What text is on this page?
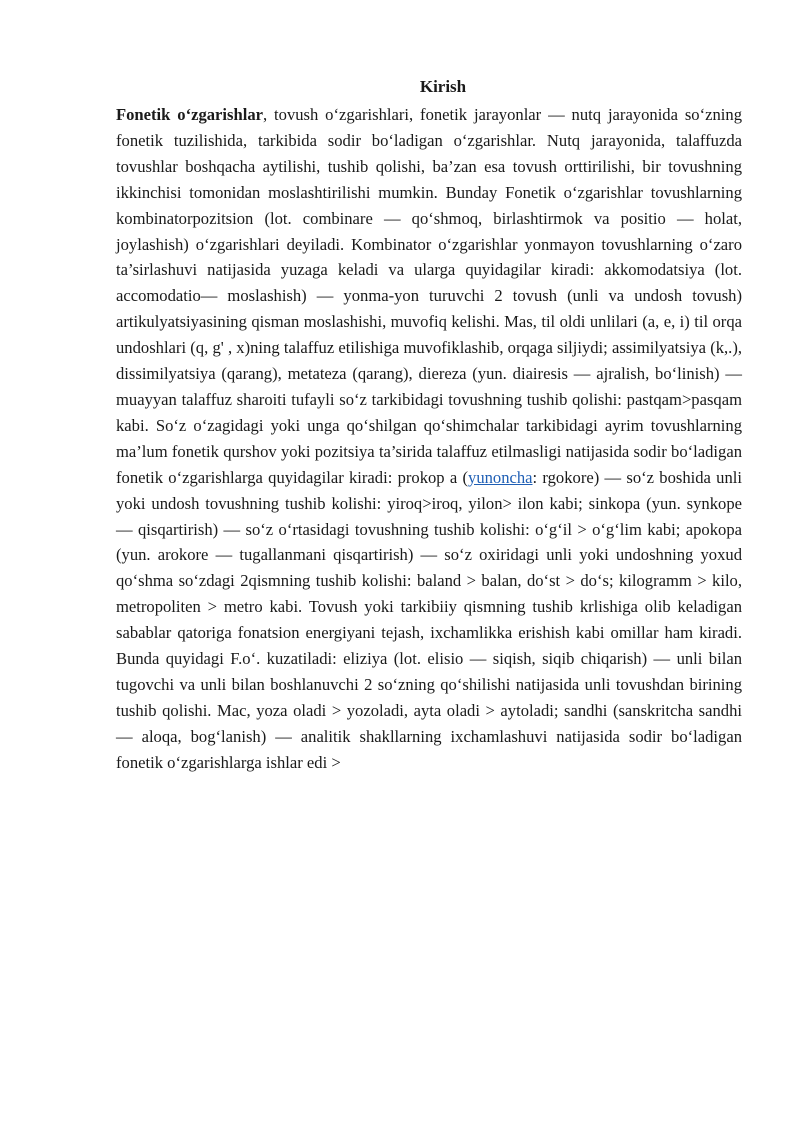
Kirish

Fonetik o‘zgarishlar, tovush o‘zgarishlari, fonetik jarayonlar — nutq jarayonida so‘zning fonetik tuzilishida, tarkibida sodir bo‘ladigan o‘zgarishlar. Nutq jarayonida, talaffuzda tovushlar boshqacha aytilishi, tushib qolishi, ba’zan esa tovush orttirilishi, bir tovushning ikkinchisi tomonidan moslashtirilishi mumkin. Bunday Fonetik o‘zgarishlar tovushlarning kombinatorpozitsion (lot. combinare — qo‘shmoq, birlashtirmok va positio — holat, joylashish) o‘zgarishlari deyiladi. Kombinator o‘zgarishlar yonmayon tovushlarning o‘zaro ta’sirlashuvi natijasida yuzaga keladi va ularga quyidagilar kiradi: akkomodatsiya (lot. accomodatio— moslashish) — yonma-yon turuvchi 2 tovush (unli va undosh tovush) artikulyatsiyasining qisman moslashishi, muvofiq kelishi. Mas, til oldi unlilari (a, e, i) til orqa undoshlari (q, g' , x)ning talaffuz etilishiga muvofiklashib, orqaga siljiydi; assimilyatsiya (k,.), dissimilyatsiya (qarang), metateza (qarang), diereza (yun. diairesis — ajralish, bo‘linish) — muayyan talaffuz sharoiti tufayli so‘z tarkibidagi tovushning tushib qolishi: pastqam>pasqam kabi. So‘z o‘zagidagi yoki unga qo‘shilgan qo‘shimchalar tarkibidagi ayrim tovushlarning ma’lum fonetik qurshov yoki pozitsiya ta’sirida talaffuz etilmasligi natijasida sodir bo‘ladigan fonetik o‘zgarishlarga quyidagilar kiradi: prokop a (yunoncha: rgokore) — so‘z boshida unli yoki undosh tovushning tushib kolishi: yiroq>iroq, yilon> ilon kabi; sinkopa (yun. synkope — qisqartirish) — so‘z o‘rtasidagi tovushning tushib kolishi: o‘g‘il > o‘g‘lim kabi; apokopa (yun. arokore — tugallanmani qisqartirish) — so‘z oxiridagi unli yoki undoshning yoxud qo‘shma so‘zdagi 2qismning tushib kolishi: baland > balan, do‘st > do‘s; kilogramm > kilo, metropoliten > metro kabi. Tovush yoki tarkibiiy qismning tushib krlishiga olib keladigan sabablar qatoriga fonatsion energiyani tejash, ixchamlikka erishish kabi omillar ham kiradi. Bunda quyidagi F.o‘. kuzatiladi: eliziya (lot. elisio — siqish, siqib chiqarish) — unli bilan tugovchi va unli bilan boshlanuvchi 2 so‘zning qo‘shilishi natijasida unli tovushdan birining tushib qolishi. Mac, yoza oladi > yozoladi, ayta oladi > aytoladi; sandhi (sanskritcha sandhi — aloqa, bog‘lanish) — analitik shakllarning ixchamlashuvi natijasida sodir bo‘ladigan fonetik o‘zgarishlarga ishlar edi >
